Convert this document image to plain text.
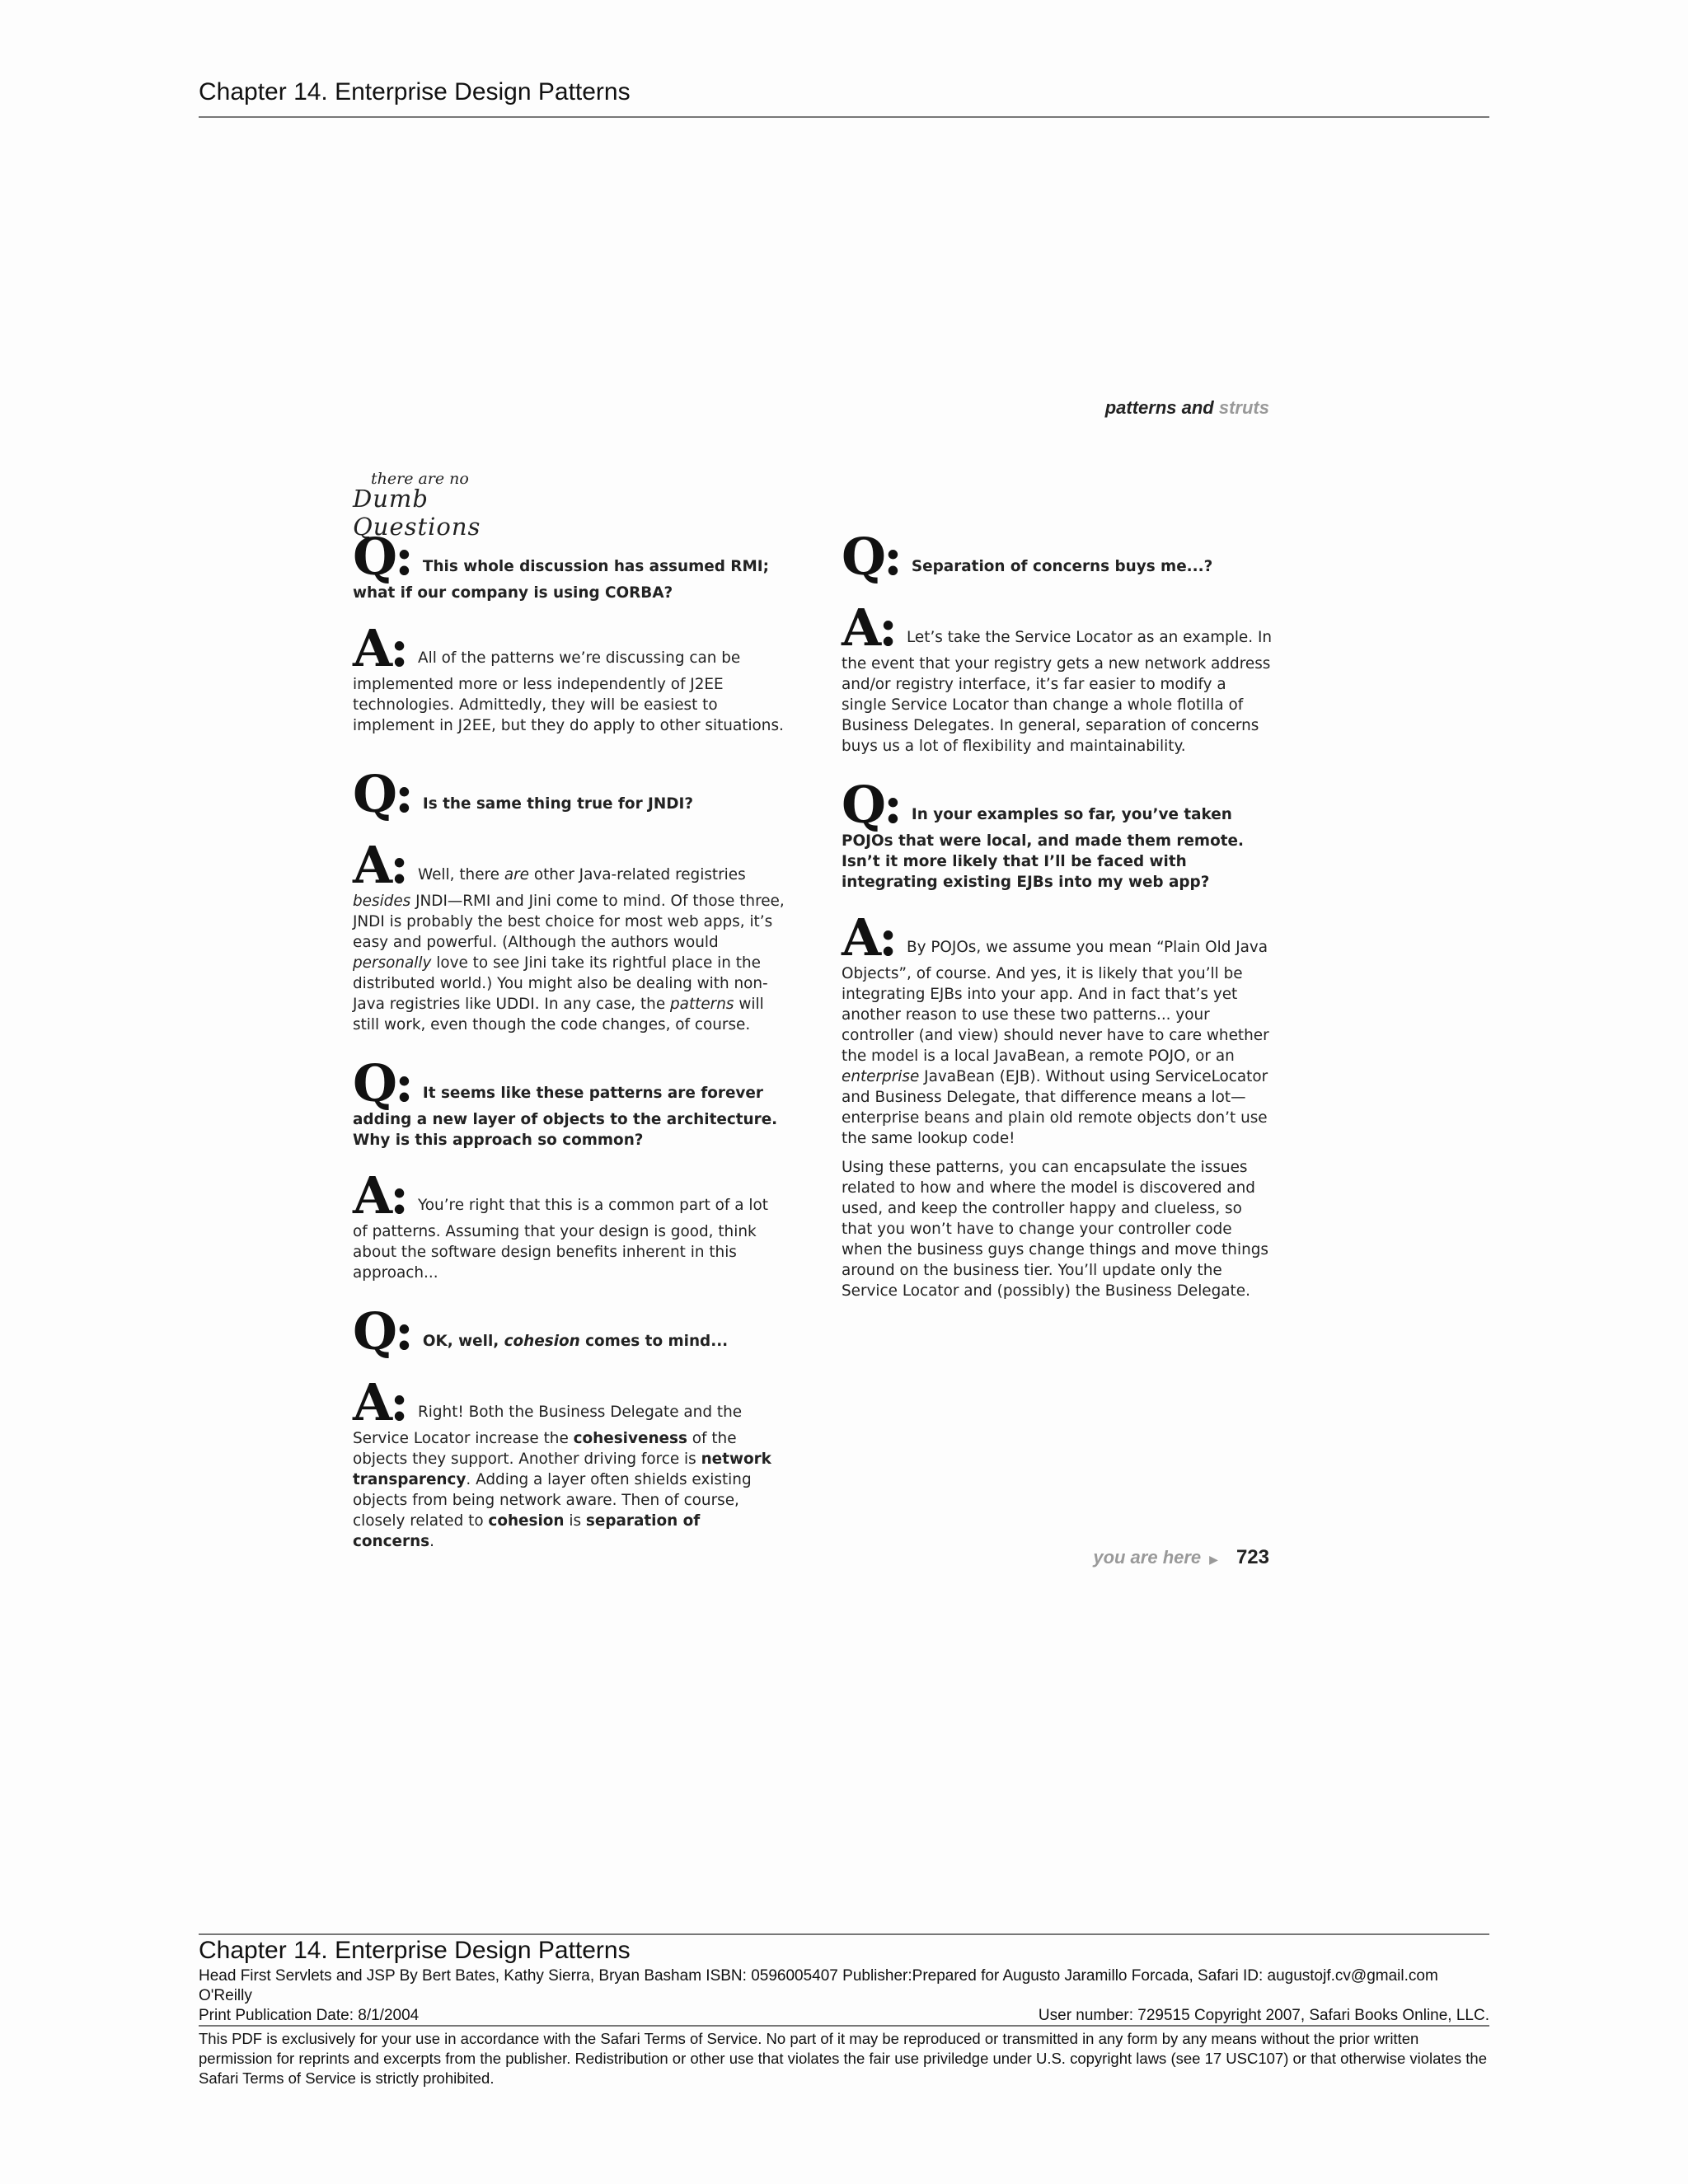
Chapter 14. Enterprise Design Patterns
patterns and struts
there are no
Dumb Questions

Q: This whole discussion has assumed RMI; what if our company is using CORBA?

A: All of the patterns we’re discussing can be implemented more or less independently of J2EE technologies. Admittedly, they will be easiest to implement in J2EE, but they do apply to other situations.

Q: Is the same thing true for JNDI?

A: Well, there are other Java-related registries besides JNDI—RMI and Jini come to mind. Of those three, JNDI is probably the best choice for most web apps, it’s easy and powerful. (Although the authors would personally love to see Jini take its rightful place in the distributed world.) You might also be dealing with non-Java registries like UDDI. In any case, the patterns will still work, even though the code changes, of course.

Q: It seems like these patterns are forever adding a new layer of objects to the architecture. Why is this approach so common?

A: You’re right that this is a common part of a lot of patterns. Assuming that your design is good, think about the software design benefits inherent in this approach...

Q: OK, well, cohesion comes to mind...

A: Right! Both the Business Delegate and the Service Locator increase the cohesiveness of the objects they support. Another driving force is network transparency. Adding a layer often shields existing objects from being network aware. Then of course, closely related to cohesion is separation of concerns.

Q: Separation of concerns buys me...?

A: Let’s take the Service Locator as an example. In the event that your registry gets a new network address and/or registry interface, it’s far easier to modify a single Service Locator than change a whole flotilla of Business Delegates. In general, separation of concerns buys us a lot of flexibility and maintainability.

Q: In your examples so far, you’ve taken POJOs that were local, and made them remote. Isn’t it more likely that I’ll be faced with integrating existing EJBs into my web app?

A: By POJOs, we assume you mean “Plain Old Java Objects”, of course. And yes, it is likely that you’ll be integrating EJBs into your app. And in fact that’s yet another reason to use these two patterns... your controller (and view) should never have to care whether the model is a local JavaBean, a remote POJO, or an enterprise JavaBean (EJB). Without using ServiceLocator and Business Delegate, that difference means a lot—enterprise beans and plain old remote objects don’t use the same lookup code!

Using these patterns, you can encapsulate the issues related to how and where the model is discovered and used, and keep the controller happy and clueless, so that you won’t have to change your controller code when the business guys change things and move things around on the business tier. You’ll update only the Service Locator and (possibly) the Business Delegate.

you are here ▶ 723
Chapter 14. Enterprise Design Patterns
Head First Servlets and JSP By Bert Bates, Kathy Sierra, Bryan Basham ISBN: 0596005407 Publisher:Prepared for Augusto Jaramillo Forcada, Safari ID: augustojf.cv@gmail.com
O'Reilly
Print Publication Date: 8/1/2004	User number: 729515 Copyright 2007, Safari Books Online, LLC.
This PDF is exclusively for your use in accordance with the Safari Terms of Service. No part of it may be reproduced or transmitted in any form by any means without the prior written permission for reprints and excerpts from the publisher. Redistribution or other use that violates the fair use priviledge under U.S. copyright laws (see 17 USC107) or that otherwise violates the Safari Terms of Service is strictly prohibited.
